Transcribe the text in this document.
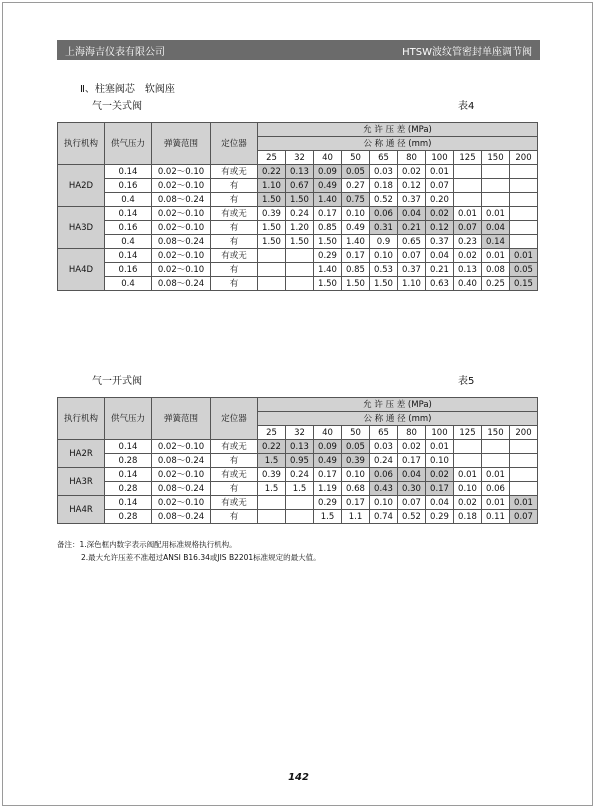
上海海吉仪表有限公司	HTSW波纹管密封单座调节阀
Ⅱ、柱塞阀芯　软阀座
气一关式阀	表4
执行机构	供气压力	弹簧范围	定位器	允 许 压 差 (MPa)									
				公 称 通 径 (mm)									
				25	32	40	50	65	80	100	125	150	200
HA2D	0.14	0.02～0.10	有或无	0.22	0.13	0.09	0.05	0.03	0.02	0.01			
	0.16	0.02～0.10	有	1.10	0.67	0.49	0.27	0.18	0.12	0.07			
	0.4	0.08～0.24	有	1.50	1.50	1.40	0.75	0.52	0.37	0.20			
HA3D	0.14	0.02～0.10	有或无	0.39	0.24	0.17	0.10	0.06	0.04	0.02	0.01	0.01	
	0.16	0.02～0.10	有	1.50	1.20	0.85	0.49	0.31	0.21	0.12	0.07	0.04	
	0.4	0.08～0.24	有	1.50	1.50	1.50	1.40	0.9	0.65	0.37	0.23	0.14	
HA4D	0.14	0.02～0.10	有或无			0.29	0.17	0.10	0.07	0.04	0.02	0.01	0.01
	0.16	0.02～0.10	有			1.40	0.85	0.53	0.37	0.21	0.13	0.08	0.05
	0.4	0.08～0.24	有			1.50	1.50	1.50	1.10	0.63	0.40	0.25	0.15
气一开式阀	表5
执行机构	供气压力	弹簧范围	定位器	允 许 压 差 (MPa)									
				公 称 通 径 (mm)									
				25	32	40	50	65	80	100	125	150	200
HA2R	0.14	0.02～0.10	有或无	0.22	0.13	0.09	0.05	0.03	0.02	0.01			
	0.28	0.08～0.24	有	1.5	0.95	0.49	0.39	0.24	0.17	0.10			
HA3R	0.14	0.02～0.10	有或无	0.39	0.24	0.17	0.10	0.06	0.04	0.02	0.01	0.01	
	0.28	0.08～0.24	有	1.5	1.5	1.19	0.68	0.43	0.30	0.17	0.10	0.06	
HA4R	0.14	0.02～0.10	有或无			0.29	0.17	0.10	0.07	0.04	0.02	0.01	0.01
	0.28	0.08～0.24	有			1.5	1.1	0.74	0.52	0.29	0.18	0.11	0.07
备注：1.深色框内数字表示阀配用标准规格执行机构。
2.最大允许压差不准超过ANSI B16.34或JIS B2201标准规定的最大值。
142
